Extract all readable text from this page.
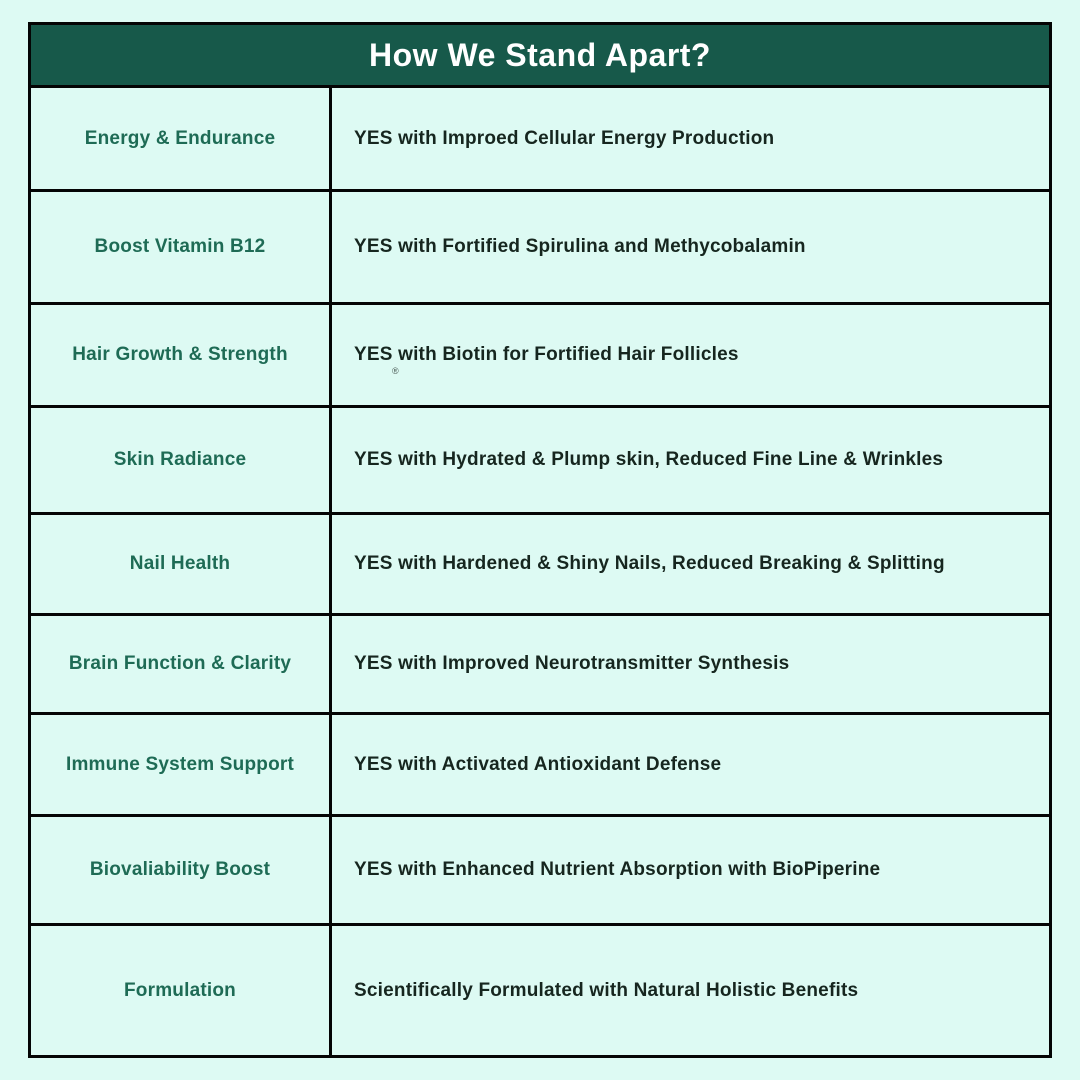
How We Stand Apart?
Energy & Endurance	YES with Improed Cellular Energy Production
Boost Vitamin B12	YES with Fortified Spirulina and Methycobalamin
Hair Growth & Strength	YES with Biotin for Fortified Hair Follicles
®
Skin Radiance	YES with Hydrated & Plump skin, Reduced Fine Line & Wrinkles
Nail Health	YES with Hardened & Shiny Nails, Reduced Breaking & Splitting
Brain Function & Clarity	YES with Improved Neurotransmitter Synthesis
Immune System Support	YES with Activated Antioxidant Defense
Biovaliability Boost	YES with Enhanced Nutrient Absorption with BioPiperine
Formulation	Scientifically Formulated with Natural Holistic Benefits
